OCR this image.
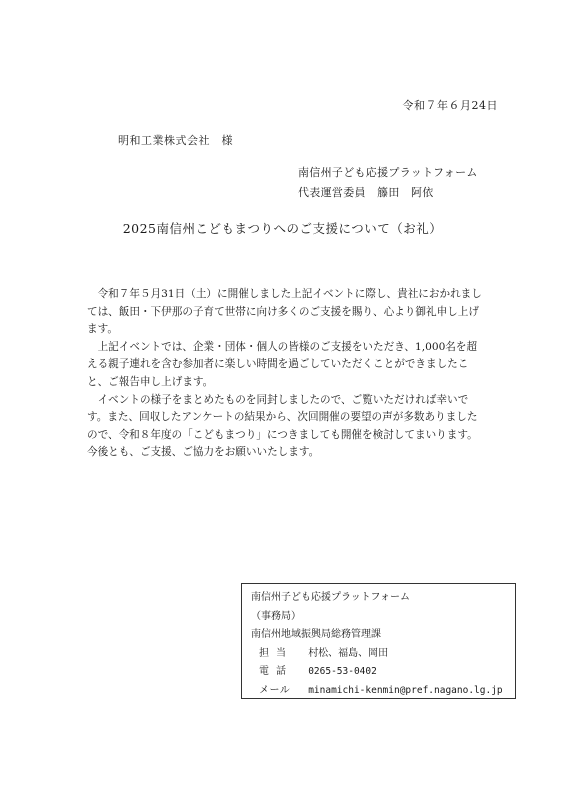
令和７年６月24日
明和工業株式会社　様
南信州子ども応援プラットフォーム
代表運営委員　籐田　阿依
2025南信州こどもまつりへのご支援について（お礼）

令和７年５月31日（土）に開催しました上記イベントに際し、貴社におかれましては、飯田・下伊那の子育て世帯に向け多くのご支援を賜り、心より御礼申し上げます。

上記イベントでは、企業・団体・個人の皆様のご支援をいただき、1,000名を超える親子連れを含む参加者に楽しい時間を過ごしていただくことができましたこと、ご報告申し上げます。

イベントの様子をまとめたものを同封しましたので、ご覧いただければ幸いです。また、回収したアンケートの結果から、次回開催の要望の声が多数ありましたので、令和８年度の「こどもまつり」につきましても開催を検討してまいります。今後とも、ご支援、ご協力をお願いいたします。

南信州子ども応援プラットフォーム
（事務局）
南信州地域振興局総務管理課
担当 村松、福島、岡田
電話 0265-53-0402
メール minamichi-kenmin@pref.nagano.lg.jp
